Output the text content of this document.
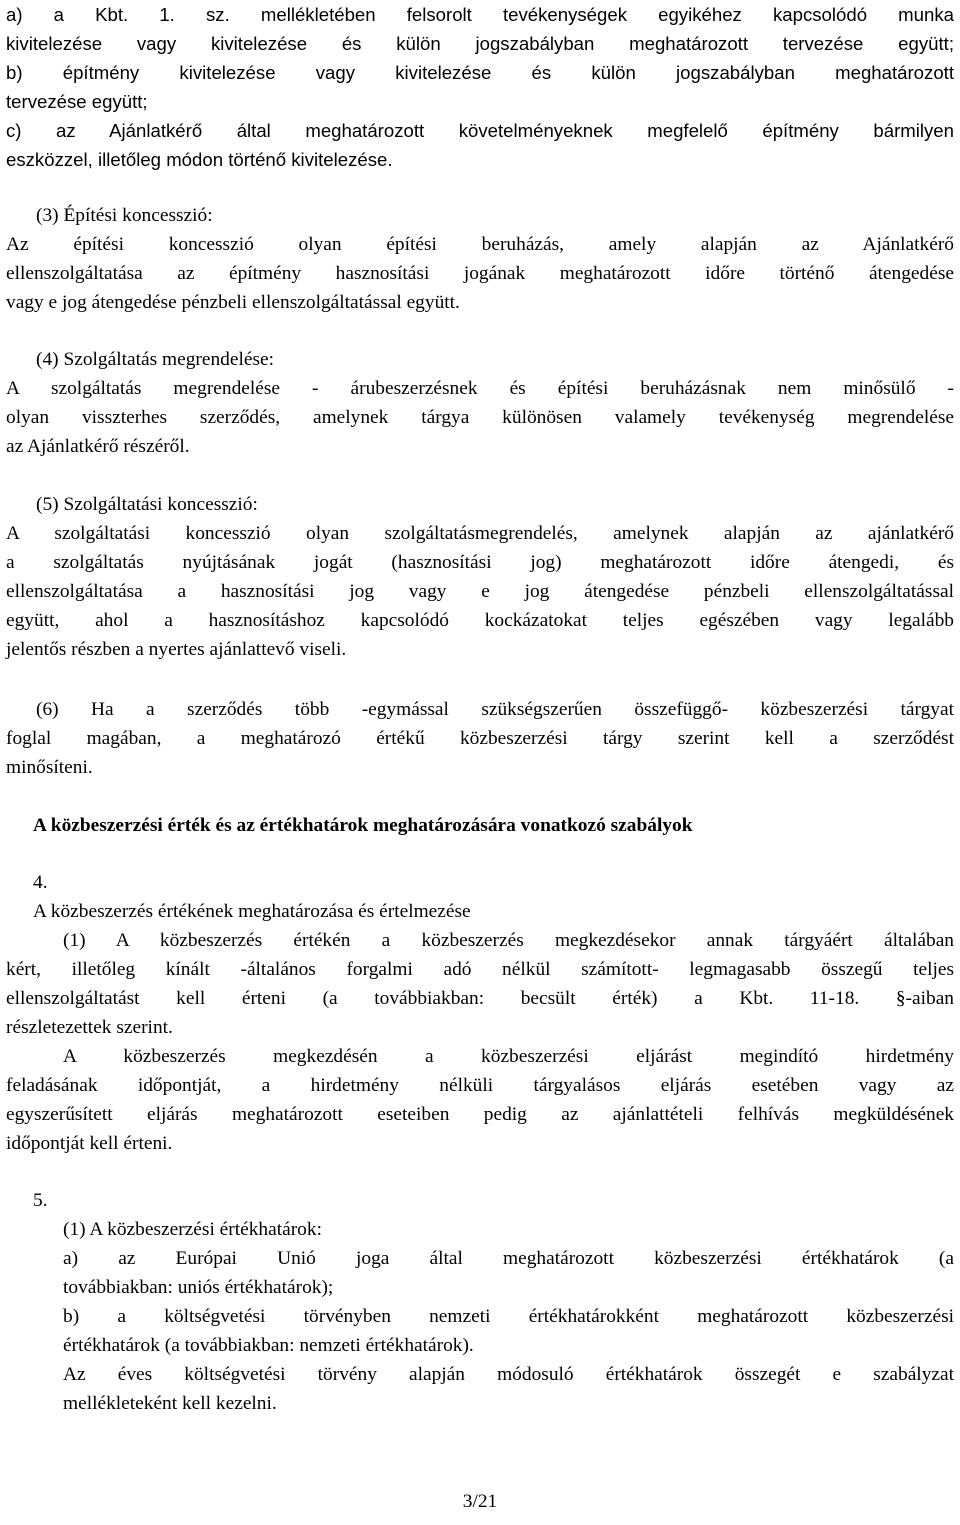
a) a Kbt. 1. sz. mellékletében felsorolt tevékenységek egyikéhez kapcsolódó munka
kivitelezése vagy kivitelezése és külön jogszabályban meghatározott tervezése együtt;
b) építmény kivitelezése vagy kivitelezése és külön jogszabályban meghatározott
tervezése együtt;
c) az Ajánlatkérő által meghatározott követelményeknek megfelelő építmény bármilyen
eszközzel, illetőleg módon történő kivitelezése.
(3) Építési koncesszió:
Az építési koncesszió olyan építési beruházás, amely alapján az Ajánlatkérő
ellenszolgáltatása az építmény hasznosítási jogának meghatározott időre történő átengedése
vagy e jog átengedése pénzbeli ellenszolgáltatással együtt.
(4) Szolgáltatás megrendelése:
A szolgáltatás megrendelése - árubeszerzésnek és építési beruházásnak nem minősülő -
olyan visszterhes szerződés, amelynek tárgya különösen valamely tevékenység megrendelése
az Ajánlatkérő részéről.
(5) Szolgáltatási koncesszió:
A szolgáltatási koncesszió olyan szolgáltatásmegrendelés, amelynek alapján az ajánlatkérő
a szolgáltatás nyújtásának jogát (hasznosítási jog) meghatározott időre átengedi, és
ellenszolgáltatása a hasznosítási jog vagy e jog átengedése pénzbeli ellenszolgáltatással
együtt, ahol a hasznosításhoz kapcsolódó kockázatokat teljes egészében vagy legalább
jelentős részben a nyertes ajánlattevő viseli.
(6) Ha a szerződés több -egymással szükségszerűen összefüggő- közbeszerzési tárgyat
foglal magában, a meghatározó értékű közbeszerzési tárgy szerint kell a szerződést
minősíteni.
A közbeszerzési érték és az értékhatárok meghatározására vonatkozó szabályok
4.
A közbeszerzés értékének meghatározása és értelmezése
(1) A közbeszerzés értékén a közbeszerzés megkezdésekor annak tárgyáért általában
kért, illetőleg kínált -általános forgalmi adó nélkül számított- legmagasabb összegű teljes
ellenszolgáltatást kell érteni (a továbbiakban: becsült érték) a Kbt. 11-18. §-aiban
részletezettek szerint.
A közbeszerzés megkezdésén a közbeszerzési eljárást megindító hirdetmény
feladásának időpontját, a hirdetmény nélküli tárgyalásos eljárás esetében vagy az
egyszerűsített eljárás meghatározott eseteiben pedig az ajánlattételi felhívás megküldésének
időpontját kell érteni.
5.
(1) A közbeszerzési értékhatárok:
a) az Európai Unió joga által meghatározott közbeszerzési értékhatárok (a
továbbiakban: uniós értékhatárok);
b) a költségvetési törvényben nemzeti értékhatárokként meghatározott közbeszerzési
értékhatárok (a továbbiakban: nemzeti értékhatárok).
Az éves költségvetési törvény alapján módosuló értékhatárok összegét e szabályzat
mellékleteként kell kezelni.
3/21
